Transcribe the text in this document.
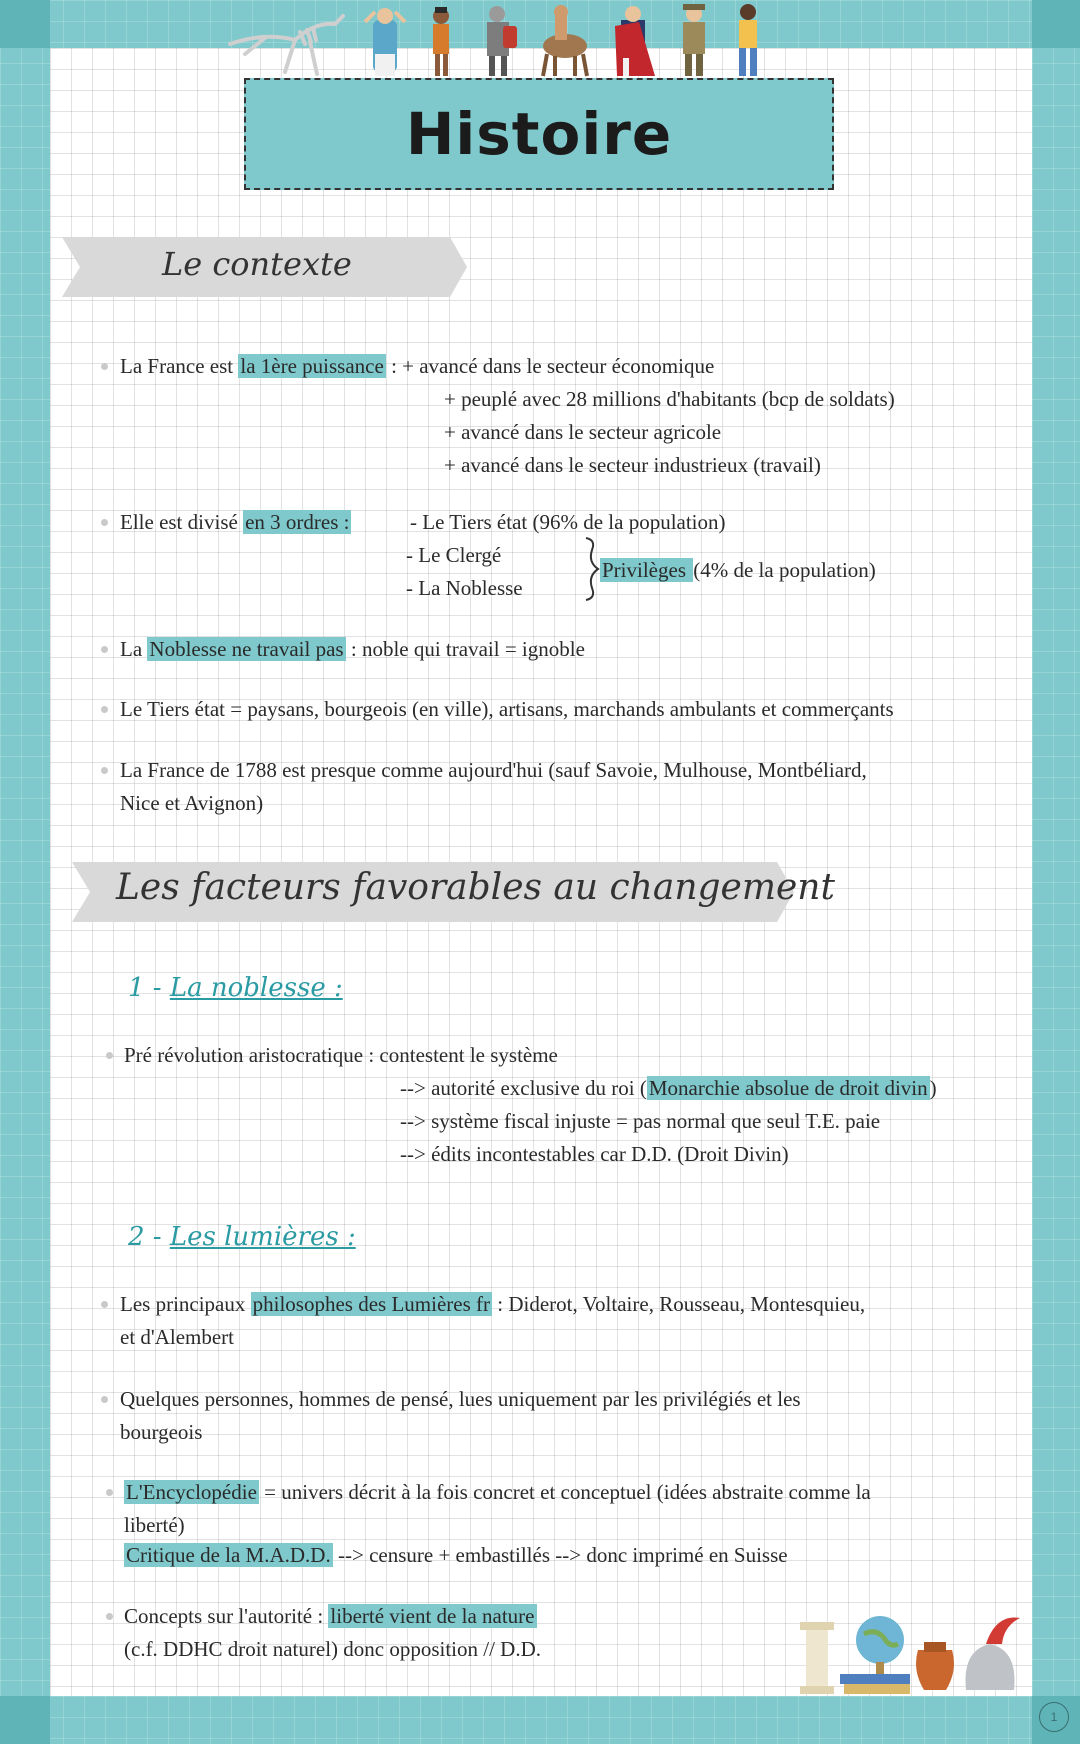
Histoire
Le contexte
La France est la 1ère puissance : + avancé dans le secteur économique
+ peuplé avec 28 millions d'habitants (bcp de soldats)
+ avancé dans le secteur agricole
+ avancé dans le secteur industrieux (travail)
Elle est divisé en 3 ordres :	- Le Tiers état (96% de la population)
- Le Clergé
- La Noblesse
Privilèges (4% de la population)
La Noblesse ne travail pas : noble qui travail = ignoble
Le Tiers état = paysans, bourgeois (en ville), artisans, marchands ambulants et commerçants
La France de 1788 est presque comme aujourd'hui (sauf Savoie, Mulhouse, Montbéliard,
Nice et Avignon)
Les facteurs favorables au changement
1 - La noblesse :
Pré révolution aristocratique : contestent le système
--> autorité exclusive du roi (Monarchie absolue de droit divin)
--> système fiscal injuste = pas normal que seul T.E. paie
--> édits incontestables car D.D. (Droit Divin)
2 - Les lumières :
Les principaux philosophes des Lumières fr : Diderot, Voltaire, Rousseau, Montesquieu,
et d'Alembert
Quelques personnes, hommes de pensé, lues uniquement par les privilégiés et les
bourgeois
L'Encyclopédie = univers décrit à la fois concret et conceptuel (idées abstraite comme la
liberté)
Critique de la M.A.D.D. --> censure + embastillés --> donc imprimé en Suisse
Concepts sur l'autorité : liberté vient de la nature
(c.f. DDHC droit naturel) donc opposition // D.D.
1
